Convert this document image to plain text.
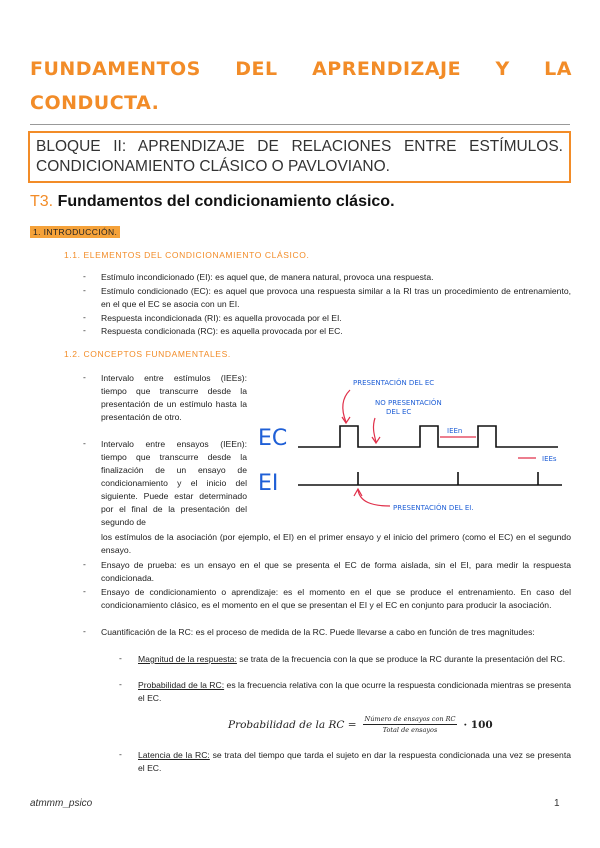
FUNDAMENTOS DEL APRENDIZAJE Y LA CONDUCTA.
BLOQUE II: APRENDIZAJE DE RELACIONES ENTRE ESTÍMULOS. CONDICIONAMIENTO CLÁSICO O PAVLOVIANO.
T3. Fundamentos del condicionamiento clásico.
1. INTRODUCCIÓN.
1.1. ELEMENTOS DEL CONDICIONAMIENTO CLÁSICO.
- Estímulo incondicionado (EI): es aquel que, de manera natural, provoca una respuesta.
- Estímulo condicionado (EC): es aquel que provoca una respuesta similar a la RI tras un procedimiento de entrenamiento, en el que el EC se asocia con un EI.
- Respuesta incondicionada (RI): es aquella provocada por el EI.
- Respuesta condicionada (RC): es aquella provocada por el EC.
1.2. CONCEPTOS FUNDAMENTALES.
- Intervalo entre estímulos (IEEs): tiempo que transcurre desde la presentación de un estímulo hasta la presentación de otro.
- Intervalo entre ensayos (IEEn): tiempo que transcurre desde la finalización de un ensayo de condicionamiento y el inicio del siguiente. Puede estar determinado por el final de la presentación del segundo de
los estímulos de la asociación (por ejemplo, el EI) en el primer ensayo y el inicio del primero (como el EC) en el segundo ensayo.
EC
EI
PRESENTACIÓN DEL EC
NO PRESENTACIÓN DEL EC
IEEn
IEEs
PRESENTACIÓN DEL EI.
- Ensayo de prueba: es un ensayo en el que se presenta el EC de forma aislada, sin el EI, para medir la respuesta condicionada.
- Ensayo de condicionamiento o aprendizaje: es el momento en el que se produce el entrenamiento. En caso del condicionamiento clásico, es el momento en el que se presentan el EI y el EC en conjunto para producir la asociación.
- Cuantificación de la RC: es el proceso de medida de la RC. Puede llevarse a cabo en función de tres magnitudes:
- Magnitud de la respuesta: se trata de la frecuencia con la que se produce la RC durante la presentación del RC.
- Probabilidad de la RC: es la frecuencia relativa con la que ocurre la respuesta condicionada mientras se presenta el EC.
Probabilidad de la RC = $\frac{\text{Número de ensayos con RC}}{\text{Total de ensayos}} \cdot 100$
- Latencia de la RC: se trata del tiempo que tarda el sujeto en dar la respuesta condicionada una vez se presenta el EC.
atmmm_psico	1
